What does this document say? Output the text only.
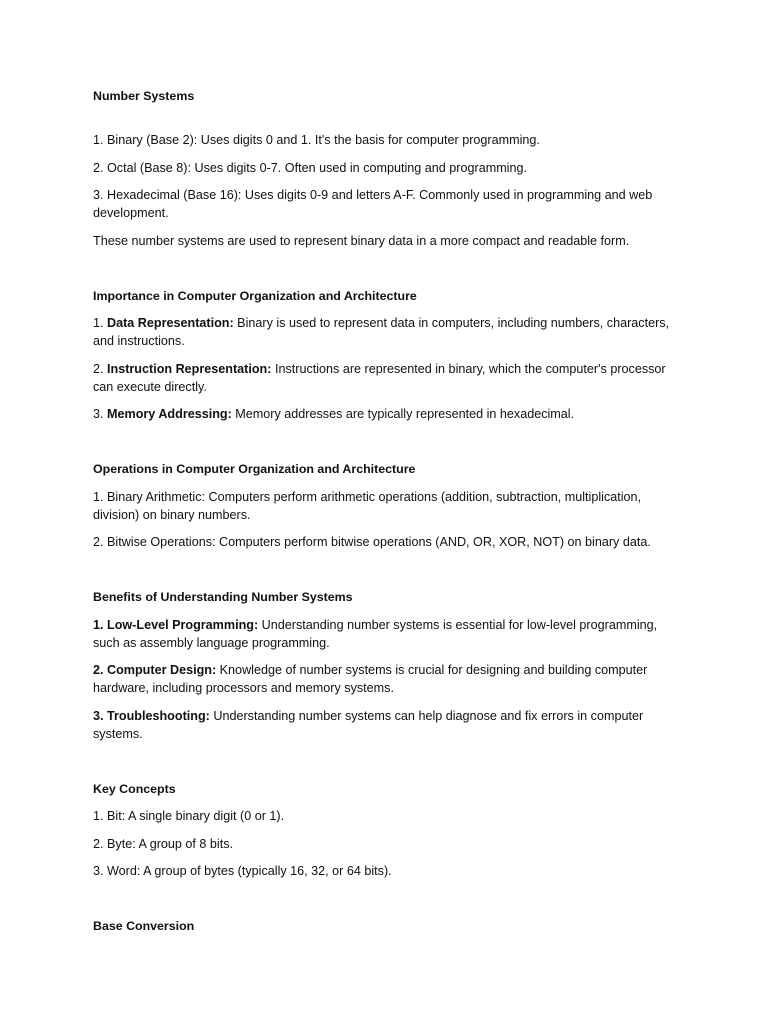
Number Systems

1. Binary (Base 2): Uses digits 0 and 1. It's the basis for computer programming.

2. Octal (Base 8): Uses digits 0-7. Often used in computing and programming.

3. Hexadecimal (Base 16): Uses digits 0-9 and letters A-F. Commonly used in programming and web development.

These number systems are used to represent binary data in a more compact and readable form.

Importance in Computer Organization and Architecture

1. Data Representation: Binary is used to represent data in computers, including numbers, characters, and instructions.

2. Instruction Representation: Instructions are represented in binary, which the computer's processor can execute directly.

3. Memory Addressing: Memory addresses are typically represented in hexadecimal.

Operations in Computer Organization and Architecture

1. Binary Arithmetic: Computers perform arithmetic operations (addition, subtraction, multiplication, division) on binary numbers.

2. Bitwise Operations: Computers perform bitwise operations (AND, OR, XOR, NOT) on binary data.

Benefits of Understanding Number Systems

1. Low-Level Programming: Understanding number systems is essential for low-level programming, such as assembly language programming.

2. Computer Design: Knowledge of number systems is crucial for designing and building computer hardware, including processors and memory systems.

3. Troubleshooting: Understanding number systems can help diagnose and fix errors in computer systems.

Key Concepts

1. Bit: A single binary digit (0 or 1).

2. Byte: A group of 8 bits.

3. Word: A group of bytes (typically 16, 32, or 64 bits).

Base Conversion
